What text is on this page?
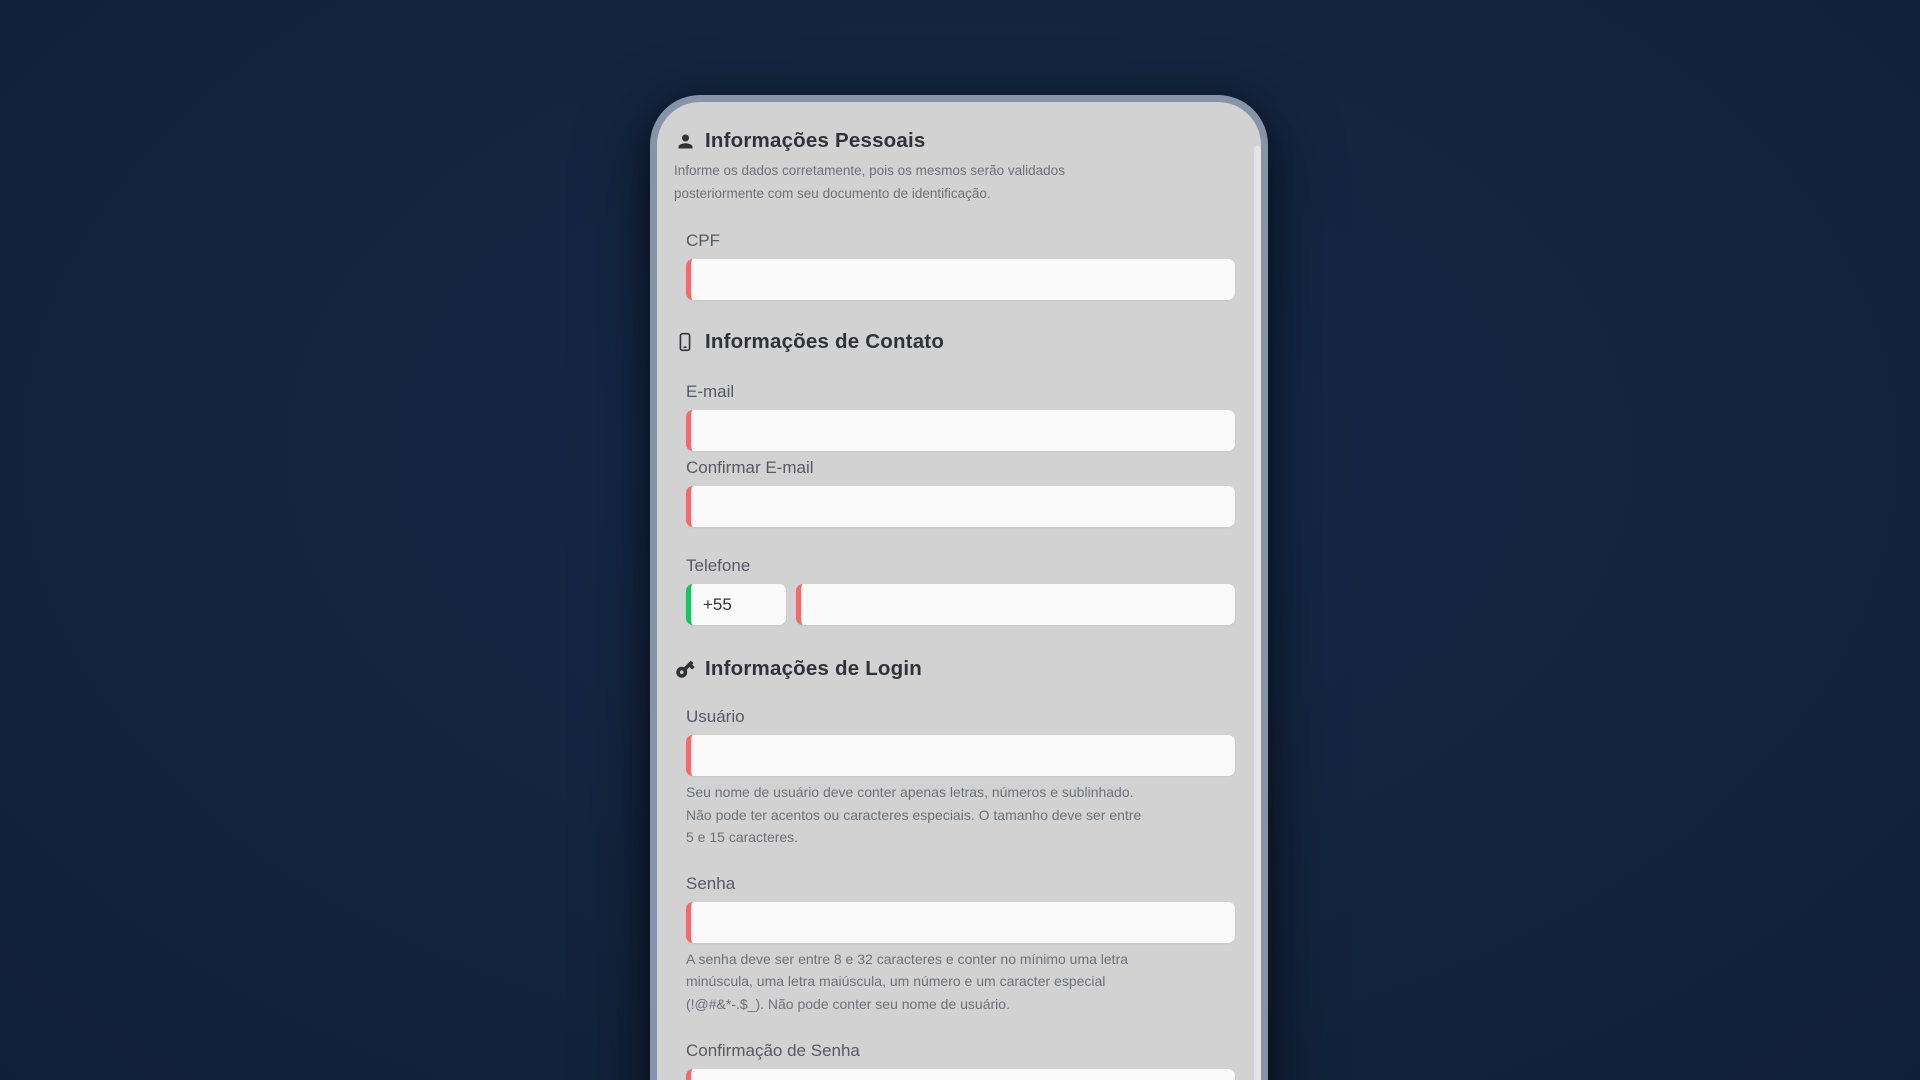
Informações Pessoais
Informe os dados corretamente, pois os mesmos serão validados
posteriormente com seu documento de identificação.
CPF
Informações de Contato
E-mail
Confirmar E-mail
Telefone
+55
Informações de Login
Usuário
Seu nome de usuário deve conter apenas letras, números e sublinhado.
Não pode ter acentos ou caracteres especiais. O tamanho deve ser entre
5 e 15 caracteres.
Senha
A senha deve ser entre 8 e 32 caracteres e conter no mínimo uma letra
minúscula, uma letra maiúscula, um número e um caracter especial
(!@#&*-.$_). Não pode conter seu nome de usuário.
Confirmação de Senha
